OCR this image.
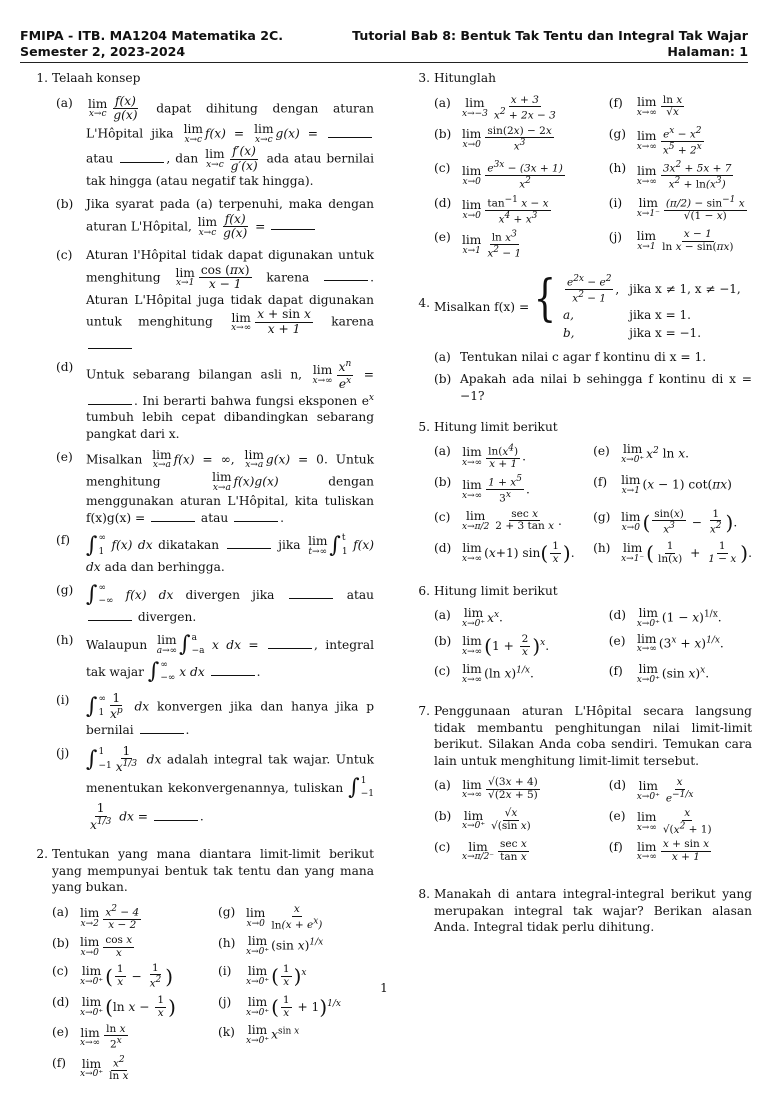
FMIPA - ITB. MA1204 Matematika 2C.
Semester 2, 2023-2024
Tutorial Bab 8: Bentuk Tak Tentu dan Integral Tak Wajar
Halaman: 1
1. Telaah konsep
(a) lim
$x\to c \frac{f(x)}{g(x)}$ dapat dihitung dengan aturan L'Hôpital jika lim
x→c f(x) = lim
x→c g(x) =  atau	, dan lim
$x\to c \frac{f'(x)}{g'(x)}$ ada atau bernilai tak hingga (atau negatif tak hingga).
(b) Jika syarat pada (a) terpenuhi, maka dengan aturan L'Hôpital, lim
$x\to c \frac{f(x)}{g(x)}$ =
(c) Aturan l'Hôpital tidak dapat digunakan untuk menghitung lim
$x\to 1 \frac{\cos (\pi x)}{x - 1}$ karena	. Aturan L'Hôpital juga tidak dapat digunakan untuk menghitung lim
$x\to\infty \frac{\text{x + sin x}}{x + 1}$ karena
(d)
Untuk sebarang bilangan asli n, lim
$x\to\infty \frac{x^n}{e^x}$ = . Ini berarti bahwa fungsi eksponen $e^x$ tumbuh lebih cepat dibandingkan sebarang pangkat dari x.
(e) Misalkan lim
x→a f(x) = ∞, lim
x→a g(x) = 0. Untuk menghitung	lim
x→a f(x)g(x)	dengan menggunakan aturan L'Hôpital, kita tuliskan f(x)g(x) =	atau	.
(f) ∫ ∞
1 f(x) dx dikatakan	jika lim
t→∞ ∫ t
1 f(x) dx ada dan berhingga.
(g) ∫ ∞
−∞ f(x) dx divergen jika	atau  divergen.
(h) Walaupun lim
a→∞ ∫ a
−a x dx =	, integral tak wajar ∫ ∞
−∞ x dx	.
(i) ∫ ∞
$1 \frac{1}{x^p}$ dx konvergen jika dan hanya jika p bernilai	.
(j) ∫ 1
$-1 \frac{1}{x^{1/3}}$ dx adalah integral tak wajar. Untuk menentukan kekonvergenannya, tuliskan ∫ 1
−1
$\frac{1}{x^{1/3}}$ dx =	.
2. Tentukan yang mana diantara limit-limit berikut yang mempunyai bentuk tak tentu dan yang mana yang bukan.
(a) lim
$x\to 2 \frac{x2 - 4}{x - 2}$	(g) lim
$x\to 0 \frac{x}{\ln(x + ex)}$
(b) lim
$x\to 0 \frac{\text{cos x}}{x}$	(h) lim
x→0⁺ (sin x)$^{1/x}$
(c) lim
x→0⁺ ( $\frac{1}{x} - \frac{1}{x2}$ )	(i) lim
x→0⁺ ( $\frac{1}{x} )^x$
(d) lim
x→0⁺ (ln $x - \frac{1}{x}$ )	(j) lim
x→0⁺ ( $\frac{1}{x} + 1)^{1/x}$
(e) lim
$x\to\infty \frac{\text{ln x}}{2x}$	(k) lim
x→0⁺ $x^{sin x}$
(f) lim
$x\to 0^+ \frac{x2}{\text{ln x}}$
3. Hitunglah
(a) lim
$x\to-3 \frac{x + 3}{x2 + 2x - 3}$	(f) lim
$x\to\infty \frac{\text{ln x}}{√x}$
(b) lim
$x\to 0 \frac{\sin(2x) - 2x}{x3}$	(g) lim
$x\to\infty \frac{ex - x2}{x5 + 2x}$
(c) lim
$x\to 0 \frac{e3x - (3x + 1)}{x2}$	(h) lim
$x\to\infty \frac{3x2 + 5x + 7}{x2 + \ln(x3)}$
(d) lim
$x\to 0 \frac{\tan-1 x - x}{x4 + x3}$	(i) lim
$x\to 1^- \frac{(\pi/2) - \sin-1 x}{√(1 - x)}$
(e) lim
$x\to 1 \frac{\text{ln x3}}{x2 - 1}$	(j) lim
$x\to 1 \frac{x - 1}{\text{ln x − sin(πx)}}$
4. Misalkan f(x) = { $\frac{e2x - e2}{x2 - 1}$ ,	jika x ≠ 1, x ≠ −1,
a,	jika x = 1.
b,	jika x = −1.
(a) Tentukan nilai c agar f kontinu di x = 1.
(b) Apakah ada nilai b sehingga f kontinu di x = −1?
5. Hitung limit berikut
(a) lim
$x\to\infty \frac{\ln(x4)}{x + 1}$ .	(e) lim
x→0⁺ $x^2$ ln x.
(b) lim
$x\to\infty \frac{1 + x5}{3x}$ .
(f) lim
x→1 (x − 1) cot(πx)
(c) lim
$x\to\pi/2 \frac{\text{sec x}}{\text{2 + 3 tan x}}$ .	(g) lim
x→0 ( $\frac{\sin(x)}{x3} - \frac{1}{x2}$ ).
(d) lim
x→∞ (x+1) $\sin( \frac{1}{x}$ ).	(h) lim
x→1⁻ ( $\frac{1}{\ln(x)} + \frac{1}{1 - x}$ ).
6. Hitung limit berikut
(a) lim
x→0⁺ $x^x$.	(d) lim
x→0⁺ $(1 - x)^{1/x}$.
(b) lim
x→∞ $(1 + \frac{2}{x} )^x$.	(e) lim
x→∞ $(3^x + x)^{1/x}$.
(c) lim
x→∞ (ln x)$^{1/x}$.	(f) lim
x→0⁺ (sin x)$^x$.
7. Penggunaan aturan L'Hôpital secara langsung tidak membantu penghitungan nilai limit-limit berikut. Silakan Anda coba sendiri. Temukan cara lain untuk menghitung limit-limit tersebut.
(a) lim
$x\to\infty \frac{√(3x + 4)}{√(2x + 5)}$	(d) lim
$x\to 0^+ \frac{x}{e-1/x}$
(b) lim
$x\to 0^+ \frac{√x}{\text{√(sin x)}}$	(e) lim
$x\to\infty \frac{x}{√(x2 + 1)}$
(c) lim
$x\to\pi/2^- \frac{\text{sec x}}{\text{tan x}}$	(f) lim
$x\to\infty \frac{\text{x + sin x}}{x + 1}$
8. Manakah di antara integral-integral berikut yang merupakan integral tak wajar? Berikan alasan Anda. Integral tidak perlu dihitung.
1
